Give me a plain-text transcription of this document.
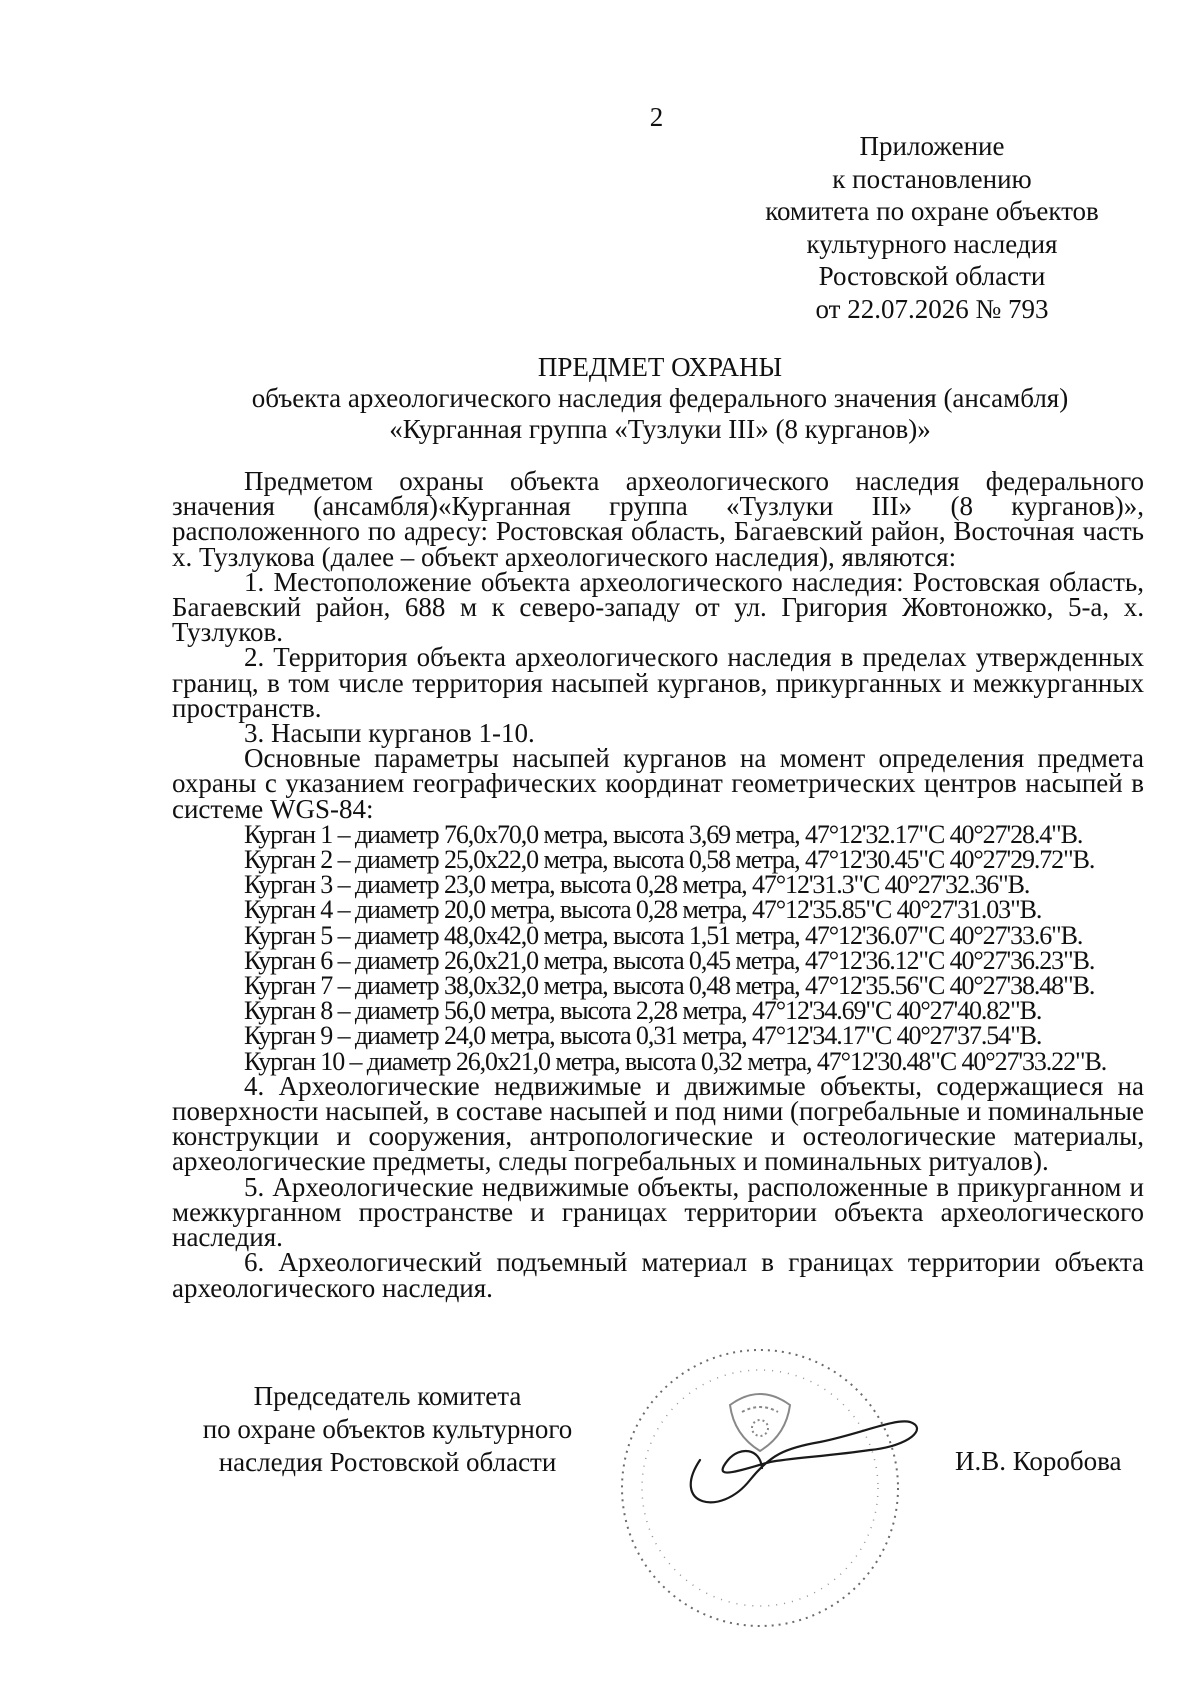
2
Приложение
к постановлению
комитета по охране объектов
культурного наследия
Ростовской области
от 22.07.2026 № 793
ПРЕДМЕТ ОХРАНЫ
объекта археологического наследия федерального значения (ансамбля)
«Курганная группа «Тузлуки III» (8 курганов)»

Предметом охраны объекта археологического наследия федерального значения (ансамбля)«Курганная группа «Тузлуки III» (8 курганов)», расположенного по адресу: Ростовская область, Багаевский район, Восточная часть х. Тузлукова (далее – объект археологического наследия), являются:

1. Местоположение объекта археологического наследия: Ростовская область, Багаевский район, 688 м к северо-западу от ул. Григория Жовтоножко, 5-а, х. Тузлуков.

2. Территория объекта археологического наследия в пределах утвержденных границ, в том числе территория насыпей курганов, прикурганных и межкурганных пространств.

3. Насыпи курганов 1-10.

Основные параметры насыпей курганов на момент определения предмета охраны с указанием географических координат геометрических центров насыпей в системе WGS-84:

Курган 1 – диаметр 76,0х70,0 метра, высота 3,69 метра, 47°12'32.17"С 40°27'28.4"В.

Курган 2 – диаметр 25,0х22,0 метра, высота 0,58 метра, 47°12'30.45"С 40°27'29.72"В.

Курган 3 – диаметр 23,0 метра, высота 0,28 метра, 47°12'31.3"С 40°27'32.36"В.

Курган 4 – диаметр 20,0 метра, высота 0,28 метра, 47°12'35.85"С 40°27'31.03"В.

Курган 5 – диаметр 48,0х42,0 метра, высота 1,51 метра, 47°12'36.07"С 40°27'33.6"В.

Курган 6 – диаметр 26,0х21,0 метра, высота 0,45 метра, 47°12'36.12"С 40°27'36.23"В.

Курган 7 – диаметр 38,0х32,0 метра, высота 0,48 метра, 47°12'35.56"С 40°27'38.48"В.

Курган 8 – диаметр 56,0 метра, высота 2,28 метра, 47°12'34.69"С 40°27'40.82"В.

Курган 9 – диаметр 24,0 метра, высота 0,31 метра, 47°12'34.17"С 40°27'37.54"В.

Курган 10 – диаметр 26,0х21,0 метра, высота 0,32 метра, 47°12'30.48"С 40°27'33.22"В.

4. Археологические недвижимые и движимые объекты, содержащиеся на поверхности насыпей, в составе насыпей и под ними (погребальные и поминальные конструкции и сооружения, антропологические и остеологические материалы, археологические предметы, следы погребальных и поминальных ритуалов).

5. Археологические недвижимые объекты, расположенные в прикурганном и межкурганном пространстве и границах территории объекта археологического наследия.

6. Археологический подъемный материал в границах территории объекта археологического наследия.

Председатель комитета
по охране объектов культурного
наследия Ростовской области	И.В. Коробова
